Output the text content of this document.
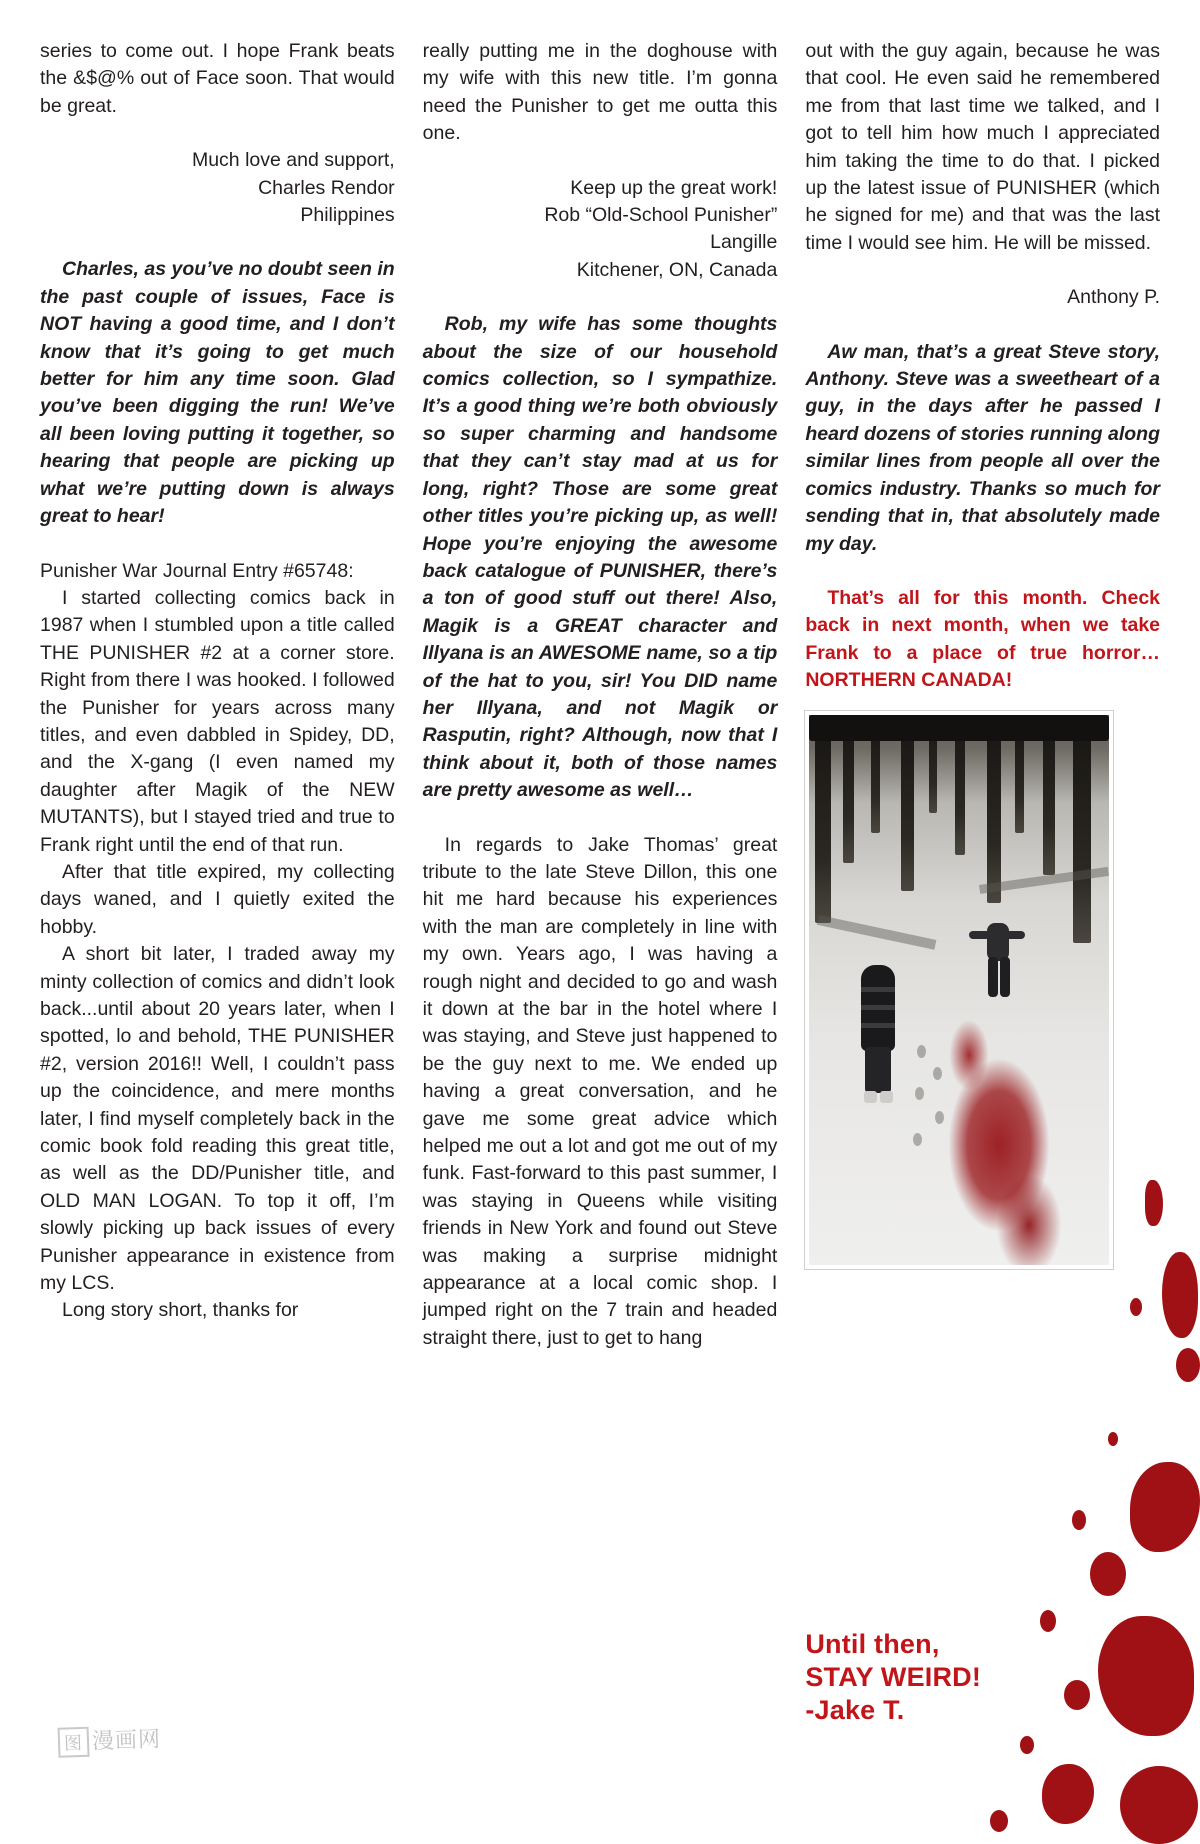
series to come out. I hope Frank beats the &$@% out of Face soon. That would be great.

Much love and support,

Charles Rendor

Philippines

Charles, as you’ve no doubt seen in the past couple of issues, Face is NOT having a good time, and I don’t know that it’s going to get much better for him any time soon. Glad you’ve been digging the run! We’ve all been loving putting it together, so hearing that people are picking up what we’re putting down is always great to hear!

Punisher War Journal Entry #65748:

I started collecting comics back in 1987 when I stumbled upon a title called THE PUNISHER #2 at a corner store. Right from there I was hooked. I followed the Punisher for years across many titles, and even dabbled in Spidey, DD, and the X-gang (I even named my daughter after Magik of the NEW MUTANTS), but I stayed tried and true to Frank right until the end of that run.

After that title expired, my collecting days waned, and I quietly exited the hobby.

A short bit later, I traded away my minty collection of comics and didn’t look back...until about 20 years later, when I spotted, lo and behold, THE PUNISHER #2, version 2016!! Well, I couldn’t pass up the coincidence, and mere months later, I find myself completely back in the comic book fold reading this great title, as well as the DD/Punisher title, and OLD MAN LOGAN. To top it off, I’m slowly picking up back issues of every Punisher appearance in existence from my LCS.

Long story short, thanks for

图 漫画网

really putting me in the doghouse with my wife with this new title. I’m gonna need the Punisher to get me outta this one.

Keep up the great work!

Rob “Old-School Punisher”

Langille

Kitchener, ON, Canada

Rob, my wife has some thoughts about the size of our household comics collection, so I sympathize. It’s a good thing we’re both obviously so super charming and handsome that they can’t stay mad at us for long, right? Those are some great other titles you’re picking up, as well! Hope you’re enjoying the awesome back catalogue of PUNISHER, there’s a ton of good stuff out there! Also, Magik is a GREAT character and Illyana is an AWESOME name, so a tip of the hat to you, sir! You DID name her Illyana, and not Magik or Rasputin, right? Although, now that I think about it, both of those names are pretty awesome as well…

In regards to Jake Thomas’ great tribute to the late Steve Dillon, this one hit me hard because his experiences with the man are completely in line with my own. Years ago, I was having a rough night and decided to go and wash it down at the bar in the hotel where I was staying, and Steve just happened to be the guy next to me. We ended up having a great conversation, and he gave me some great advice which helped me out a lot and got me out of my funk. Fast-forward to this past summer, I was staying in Queens while visiting friends in New York and found out Steve was making a surprise midnight appearance at a local comic shop. I jumped right on the 7 train and headed straight there, just to get to hang

out with the guy again, because he was that cool. He even said he remembered me from that last time we talked, and I got to tell him how much I appreciated him taking the time to do that. I picked up the latest issue of PUNISHER (which he signed for me) and that was the last time I would see him. He will be missed.

Anthony P.

Aw man, that’s a great Steve story, Anthony. Steve was a sweetheart of a guy, in the days after he passed I heard dozens of stories running along similar lines from people all over the comics industry. Thanks so much for sending that in, that absolutely made my day.

That’s all for this month. Check back in next month, when we take Frank to a place of true horror…NORTHERN CANADA!

Until then,
STAY WEIRD!
-Jake T.
